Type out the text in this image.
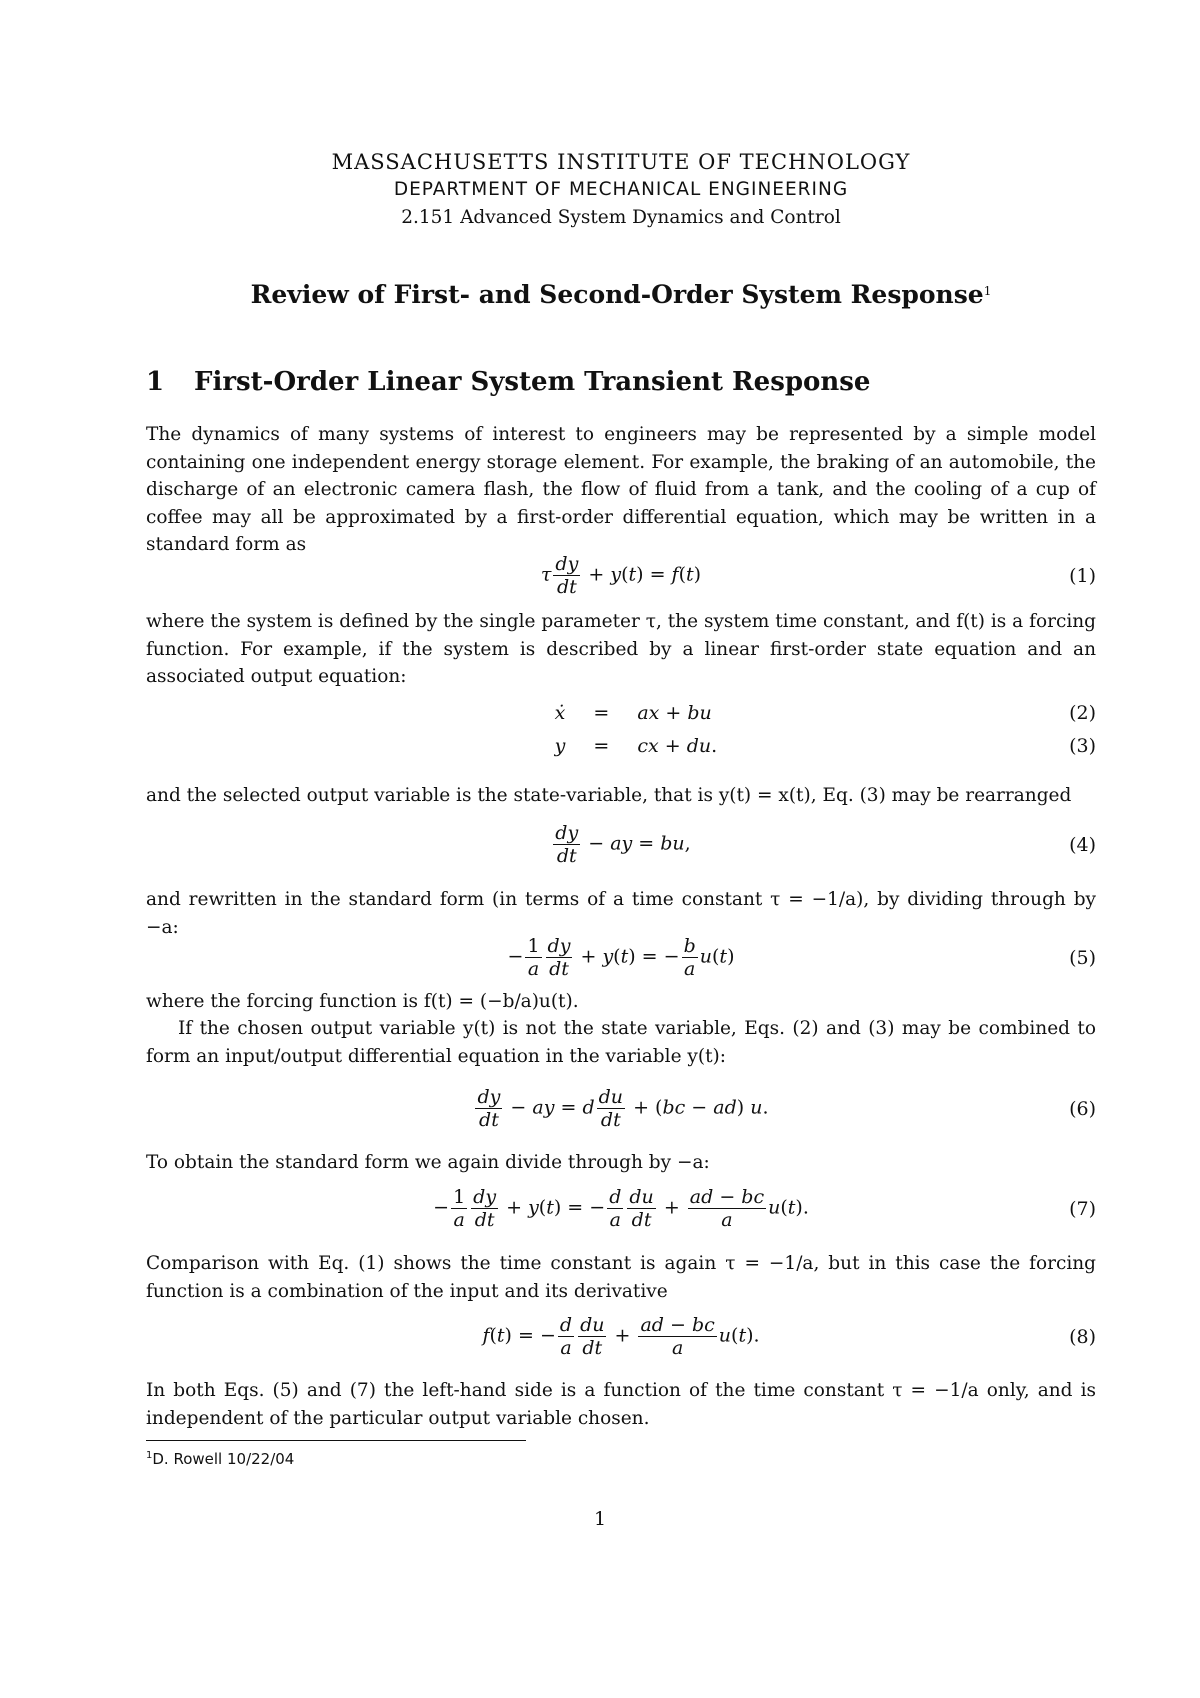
MASSACHUSETTS INSTITUTE OF TECHNOLOGY
DEPARTMENT OF MECHANICAL ENGINEERING
2.151 Advanced System Dynamics and Control
Review of First- and Second-Order System Response$^1$
1 First-Order Linear System Transient Response

The dynamics of many systems of interest to engineers may be represented by a simple model containing one independent energy storage element. For example, the braking of an automobile, the discharge of an electronic camera flash, the flow of fluid from a tank, and the cooling of a cup of coffee may all be approximated by a first-order differential equation, which may be written in a standard form as

τ $\frac{dy}{dt} + y(t) = f(t)$	(1)

where the system is defined by the single parameter τ, the system time constant, and f(t) is a forcing function. For example, if the system is described by a linear first-order state equation and an associated output equation:

ẋ	=	ax + bu	(2)
y	=	cx + du.	(3)

and the selected output variable is the state-variable, that is y(t) = x(t), Eq. (3) may be rearranged

$\frac{dy}{dt}$ − ay = bu,	(4)

and rewritten in the standard form (in terms of a time constant τ = −1/a), by dividing through by −a:

− $\frac{1}{a} \frac{dy}{dt} + y(t)$ = − $\frac{b}{a} u(t)$	(5)

where the forcing function is f(t) = (−b/a)u(t).

If the chosen output variable y(t) is not the state variable, Eqs. (2) and (3) may be combined to form an input/output differential equation in the variable y(t):

$\frac{dy}{dt}$ − ay = d $\frac{du}{dt} + (bc - ad)$ u.	(6)

To obtain the standard form we again divide through by −a:

− $\frac{1}{a} \frac{dy}{dt} + y(t)$ = − $\frac{d}{a} \frac{du}{dt} + \frac{ad - bc}{a} u(t)$.	(7)

Comparison with Eq. (1) shows the time constant is again τ = −1/a, but in this case the forcing function is a combination of the input and its derivative

f(t) = − $\frac{d}{a} \frac{du}{dt} + \frac{ad - bc}{a} u(t)$.	(8)

In both Eqs. (5) and (7) the left-hand side is a function of the time constant τ = −1/a only, and is independent of the particular output variable chosen.

$^1$D. Rowell 10/22/04
1
